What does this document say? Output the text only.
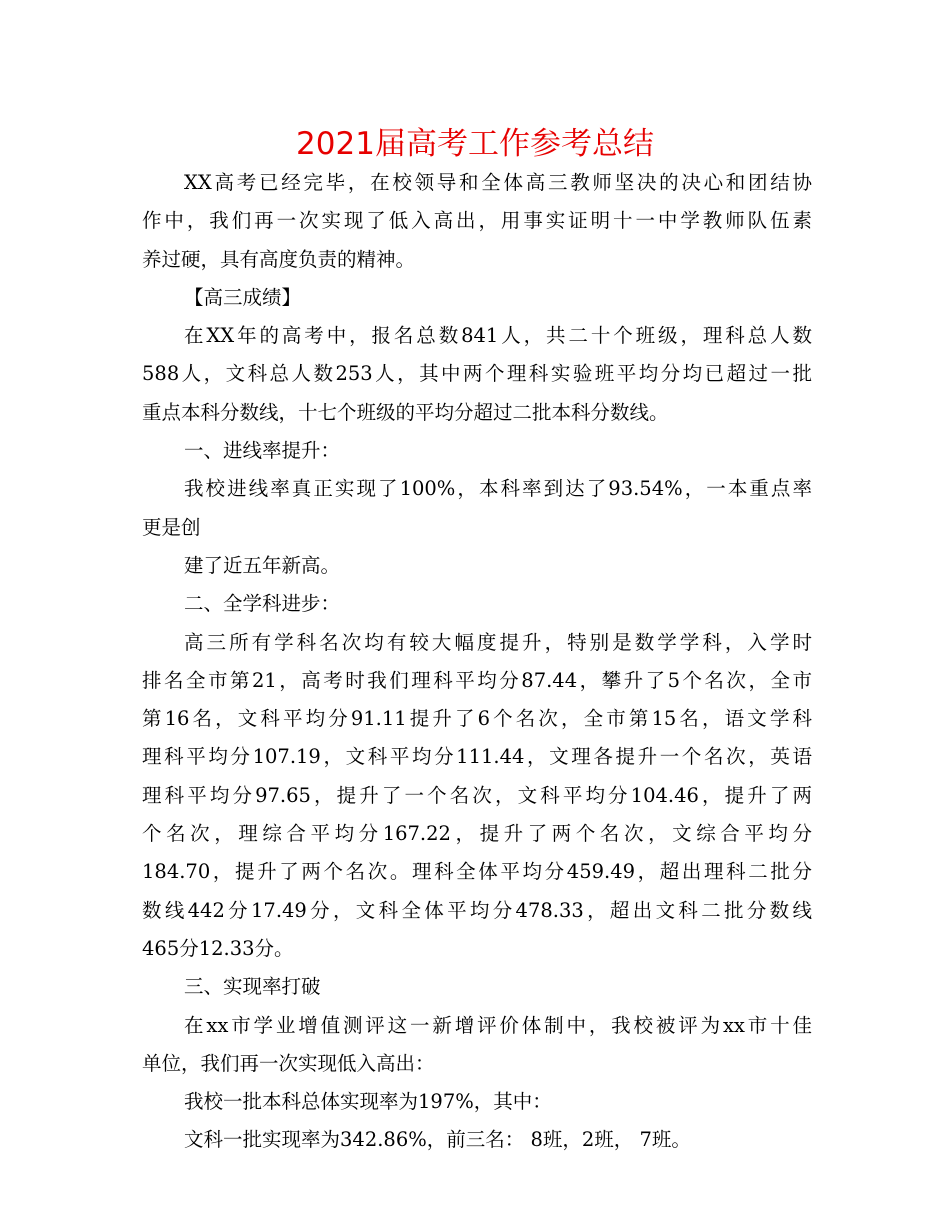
2021届高考工作参考总结
XX高考已经完毕，在校领导和全体高三教师坚决的决心和团结协
作中，我们再一次实现了低入高出，用事实证明十一中学教师队伍素
养过硬，具有高度负责的精神。
【高三成绩】
在XX年的高考中，报名总数841人，共二十个班级，理科总人数
588人，文科总人数253人，其中两个理科实验班平均分均已超过一批
重点本科分数线，十七个班级的平均分超过二批本科分数线。
一、进线率提升：
我校进线率真正实现了100%，本科率到达了93.54%，一本重点率
更是创
建了近五年新高。
二、全学科进步：
高三所有学科名次均有较大幅度提升，特别是数学学科，入学时
排名全市第21，高考时我们理科平均分87.44，攀升了5个名次，全市
第16名，文科平均分91.11提升了6个名次，全市第15名，语文学科
理科平均分107.19，文科平均分111.44，文理各提升一个名次，英语
理科平均分97.65，提升了一个名次，文科平均分104.46，提升了两
个名次，理综合平均分167.22，提升了两个名次，文综合平均分
184.70，提升了两个名次。理科全体平均分459.49，超出理科二批分
数线442分17.49分，文科全体平均分478.33，超出文科二批分数线
465分12.33分。
三、实现率打破
在xx市学业增值测评这一新增评价体制中，我校被评为xx市十佳
单位，我们再一次实现低入高出：
我校一批本科总体实现率为197%，其中：
文科一批实现率为342.86%，前三名： 8班，2班， 7班。
